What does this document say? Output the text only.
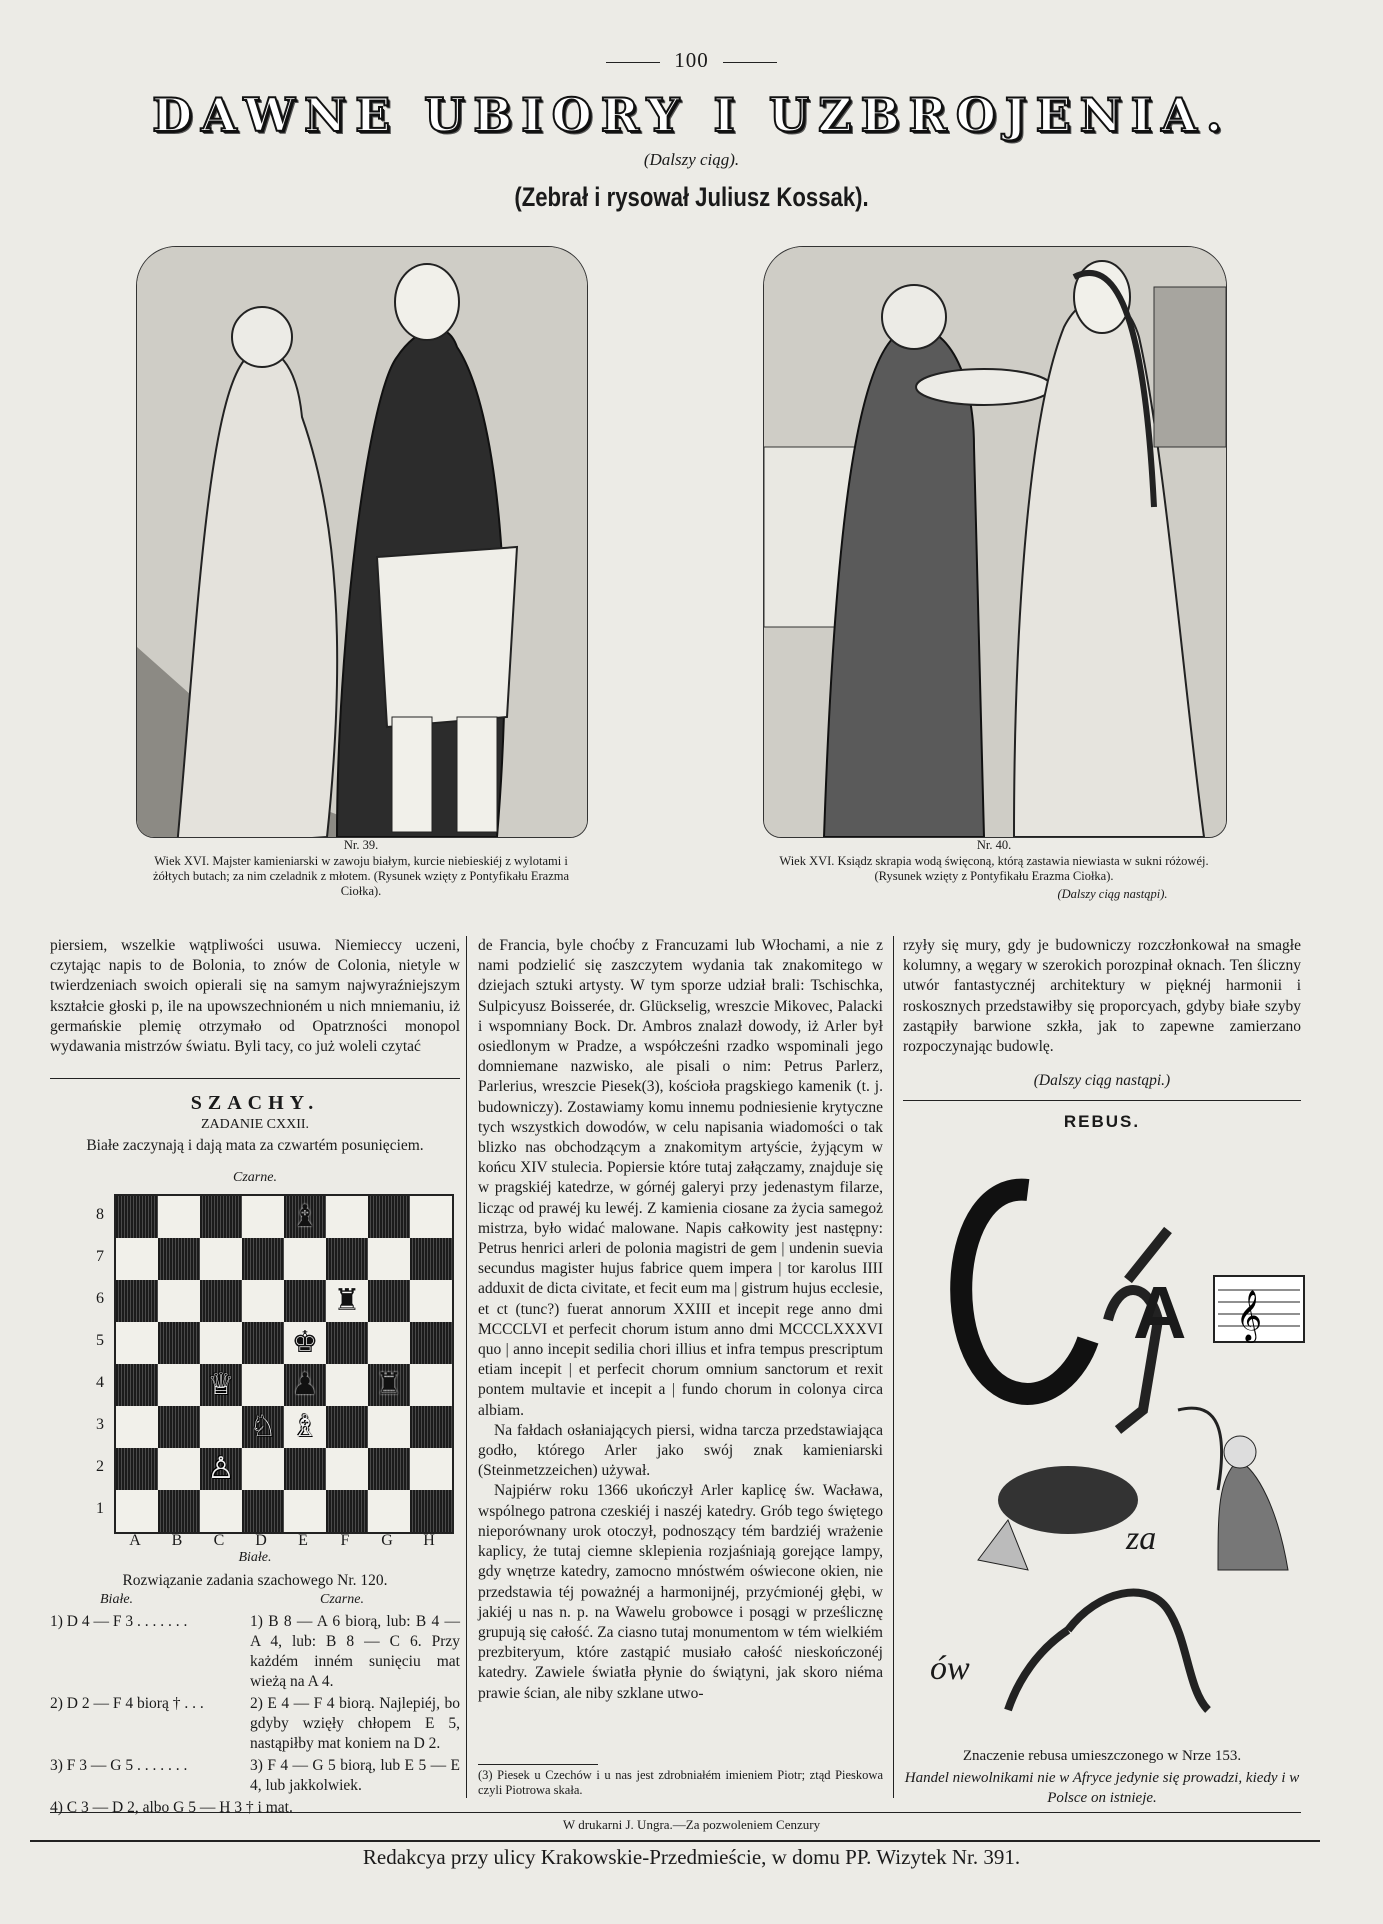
100
DAWNE UBIORY I UZBROJENIA.
(Dalszy ciąg).
(Zebrał i rysował Juliusz Kossak).
Nr. 39.
Wiek XVI. Majster kamieniarski w zawoju białym, kurcie niebieskiéj z wylotami i żółtych butach; za nim czeladnik z młotem. (Rysunek wzięty z Pontyfikału Erazma Ciołka).
Nr. 40.
Wiek XVI. Ksiądz skrapia wodą święconą, którą zastawia niewiasta w sukni różowéj. (Rysunek wzięty z Pontyfikału Erazma Ciołka).
(Dalszy ciąg nastąpi).
piersiem, wszelkie wątpliwości usuwa. Niemieccy uczeni, czytając napis to de Bolonia, to znów de Colonia, nietyle w twierdzeniach swoich opierali się na samym najwyraźniejszym kształcie głoski p, ile na upowszechnioném u nich mniemaniu, iż germańskie plemię otrzymało od Opatrzności monopol wydawania mistrzów światu. Byli tacy, co już woleli czytać
SZACHY.
ZADANIE CXXII.
Białe zaczynają i dają mata za czwartém posunięciem.
Czarne.
8
7
6
5
4
3
2
1
♝
♜
♚
♕ ♟ ♜
♘ ♗
♙
A	B	C	D	E	F	G	H
Białe.
Rozwiązanie zadania szachowego Nr. 120.
Białe.	Czarne.
1) D 4 — F 3 . . . . . . .	1) B 8 — A 6 biorą, lub: B 4 — A 4, lub: B 8 — C 6. Przy każdém inném sunięciu mat wieżą na A 4.
2) D 2 — F 4 biorą † . . .	2) E 4 — F 4 biorą. Najlepiéj, bo gdyby wzięły chłopem E 5, nastąpiłby mat koniem na D 2.
3) F 3 — G 5 . . . . . . .	3) F 4 — G 5 biorą, lub E 5 — E 4, lub jakkolwiek.
4) C 3 — D 2, albo G 5 — H 3 † i mat.

de Francia, byle choćby z Francuzami lub Włochami, a nie z nami podzielić się zaszczytem wydania tak znakomitego w dziejach sztuki artysty. W tym sporze udział brali: Tschischka, Sulpicyusz Boisserée, dr. Glückselig, wreszcie Mikovec, Palacki i wspomniany Bock. Dr. Ambros znalazł dowody, iż Arler był osiedlonym w Pradze, a współcześni rzadko wspominali jego domniemane nazwisko, ale pisali o nim: Petrus Parlerz, Parlerius, wreszcie Piesek(3), kościoła pragskiego kamenik (t. j. budowniczy). Zostawiamy komu innemu podniesienie krytyczne tych wszystkich dowodów, w celu napisania wiadomości o tak blizko nas obchodzącym a znakomitym artyście, żyjącym w końcu XIV stulecia. Popiersie które tutaj załączamy, znajduje się w pragskiéj katedrze, w górnéj galeryi przy jedenastym filarze, licząc od prawéj ku lewéj. Z kamienia ciosane za życia samegoż mistrza, było widać malowane. Napis całkowity jest następny: Petrus henrici arleri de polonia magistri de gem | undenin suevia secundus magister hujus fabrice quem impera | tor karolus IIII adduxit de dicta civitate, et fecit eum ma | gistrum hujus ecclesie, et ct (tunc?) fuerat annorum XXIII et incepit rege anno dmi MCCCLVI et perfecit chorum istum anno dmi MCCCLXXXVI quo | anno incepit sedilia chori illius et infra tempus prescriptum etiam incepit | et perfecit chorum omnium sanctorum et rexit pontem multavie et incepit a | fundo chorum in colonya circa albiam.

Na fałdach osłaniających piersi, widna tarcza przedstawiająca godło, którego Arler jako swój znak kamieniarski (Steinmetzzeichen) używał.

Najpiérw roku 1366 ukończył Arler kaplicę św. Wacława, wspólnego patrona czeskiéj i naszéj katedry. Grób tego świętego nieporównany urok otoczył, podnoszący tém bardziéj wrażenie kaplicy, że tutaj ciemne sklepienia rozjaśniają gorejące lampy, gdy wnętrze katedry, zamocno mnóstwém oświecone okien, nie przedstawia téj poważnéj a harmonijnéj, przyćmionéj głębi, w jakiéj u nas n. p. na Wawelu grobowce i posągi w prześlicznę grupują się całość. Za ciasno tutaj monumentom w tém wielkiém prezbiteryum, które zastąpić musiało całość nieskończonéj katedry. Zawiele światła płynie do świątyni, jak skoro niéma prawie ścian, ale niby szklane utwo-

(3) Piesek u Czechów i u nas jest zdrobniałém imieniem Piotr; ztąd Pieskowa czyli Piotrowa skała.
rzyły się mury, gdy je budowniczy rozczłonkował na smagłe kolumny, a węgary w szerokich porozpinał oknach. Ten śliczny utwór fantastycznéj architektury w pięknéj harmonii i roskosznych przedstawiłby się proporcyach, gdyby białe szyby zastąpiły barwione szkła, jak to zapewne zamierzano rozpoczynając budowlę.
(Dalszy ciąg nastąpi.)
REBUS.
𝄞
A
za
ów
Znaczenie rebusa umieszczonego w Nrze 153.
Handel niewolnikami nie w Afryce jedynie się prowadzi, kiedy i w Polsce on istnieje.
W drukarni J. Ungra.—Za pozwoleniem Cenzury
Redakcya przy ulicy Krakowskie-Przedmieście, w domu PP. Wizytek Nr. 391.
